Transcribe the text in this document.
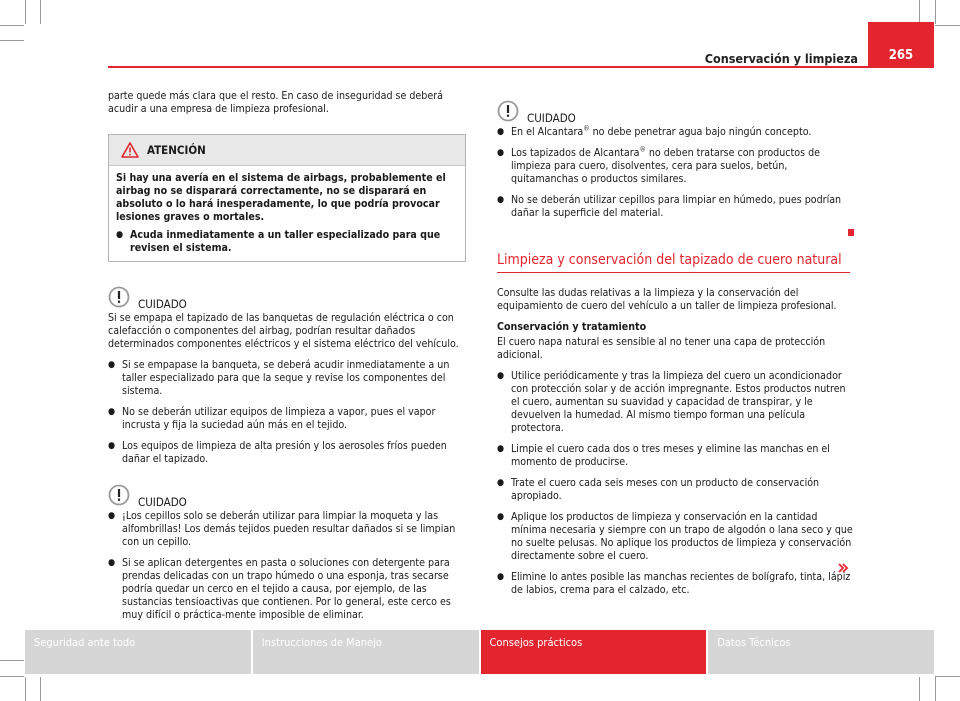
Conservación y limpieza 265

parte quede más clara que el resto. En caso de inseguridad se deberá acudir a una empresa de limpieza profesional.

ATENCIÓN

Si hay una avería en el sistema de airbags, probablemente el airbag no se disparará correctamente, no se disparará en absoluto o lo hará inesperadamente, lo que podría provocar lesiones graves o mortales.

● Acuda inmediatamente a un taller especializado para que revisen el sistema.
CUIDADO

Si se empapa el tapizado de las banquetas de regulación eléctrica o con calefacción o componentes del airbag, podrían resultar dañados determinados componentes eléctricos y el sistema eléctrico del vehículo.

● Si se empapase la banqueta, se deberá acudir inmediatamente a un taller especializado para que la seque y revise los componentes del sistema.
● No se deberán utilizar equipos de limpieza a vapor, pues el vapor incrusta y fija la suciedad aún más en el tejido.
● Los equipos de limpieza de alta presión y los aerosoles fríos pueden dañar el tapizado.
CUIDADO
● ¡Los cepillos solo se deberán utilizar para limpiar la moqueta y las alfombrillas! Los demás tejidos pueden resultar dañados si se limpian con un cepillo.
● Si se aplican detergentes en pasta o soluciones con detergente para prendas delicadas con un trapo húmedo o una esponja, tras secarse podría quedar un cerco en el tejido a causa, por ejemplo, de las sustancias tensioactivas que contienen. Por lo general, este cerco es muy difícil o práctica-mente imposible de eliminar.
CUIDADO
● En el Alcantara® no debe penetrar agua bajo ningún concepto.
● Los tapizados de Alcantara® no deben tratarse con productos de limpieza para cuero, disolventes, cera para suelos, betún, quitamanchas o productos similares.
● No se deberán utilizar cepillos para limpiar en húmedo, pues podrían dañar la superficie del material.
Limpieza y conservación del tapizado de cuero natural

Consulte las dudas relativas a la limpieza y la conservación del equipamiento de cuero del vehículo a un taller de limpieza profesional.

Conservación y tratamiento

El cuero napa natural es sensible al no tener una capa de protección adicional.

● Utilice periódicamente y tras la limpieza del cuero un acondicionador con protección solar y de acción impregnante. Estos productos nutren el cuero, aumentan su suavidad y capacidad de transpirar, y le devuelven la humedad. Al mismo tiempo forman una película protectora.
● Limpie el cuero cada dos o tres meses y elimine las manchas en el momento de producirse.
● Trate el cuero cada seis meses con un producto de conservación apropiado.
● Aplique los productos de limpieza y conservación en la cantidad mínima necesaria y siempre con un trapo de algodón o lana seco y que no suelte pelusas. No aplique los productos de limpieza y conservación directamente sobre el cuero.
● Elimine lo antes posible las manchas recientes de bolígrafo, tinta, lápiz de labios, crema para el calzado, etc.
Seguridad ante todo	Instrucciones de Manejo	Consejos prácticos	Datos Técnicos
